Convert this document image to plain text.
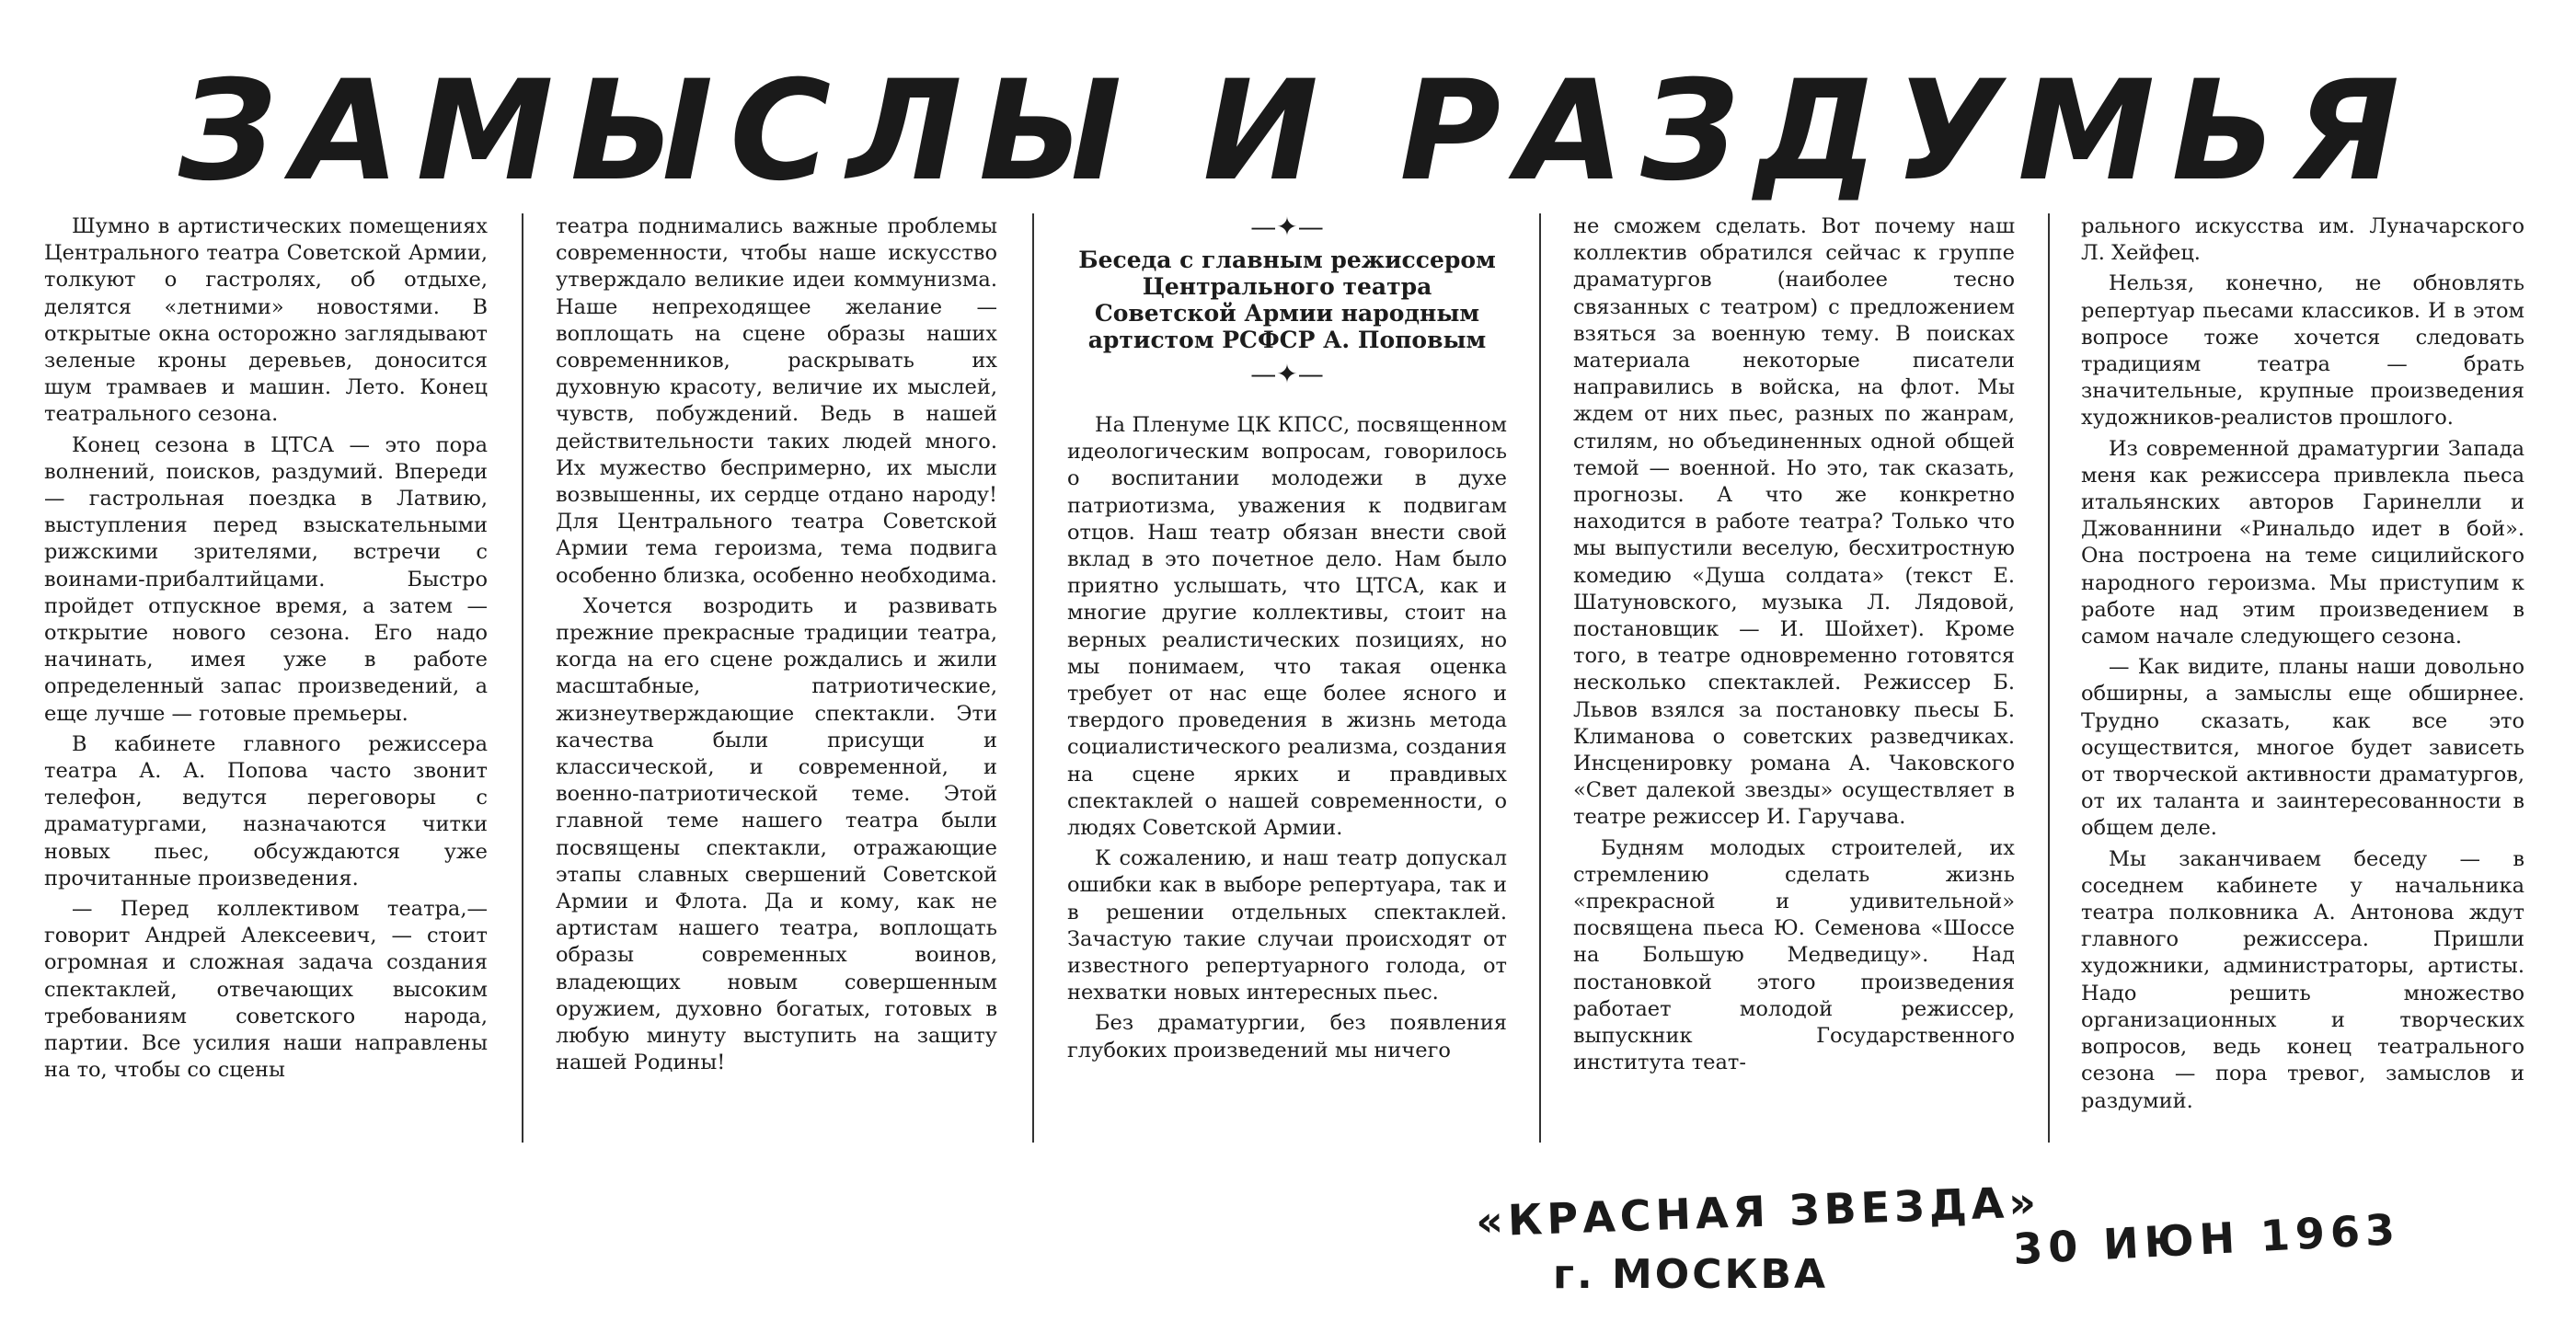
ЗАМЫСЛЫ И РАЗДУМЬЯ

Шумно в артистических помещениях Центрального театра Советской Армии, толкуют о гастролях, об отдыхе, делятся «летними» новостями. В открытые окна осторожно заглядывают зеленые кроны деревьев, доносится шум трамваев и машин. Лето. Конец театрального сезона.

Конец сезона в ЦТСА — это пора волнений, поисков, раздумий. Впереди — гастрольная поездка в Латвию, выступления перед взыскательными рижскими зрителями, встречи с воинами-прибалтийцами. Быстро пройдет отпускное время, а затем — открытие нового сезона. Его надо начинать, имея уже в работе определенный запас произведений, а еще лучше — готовые премьеры.

В кабинете главного режиссера театра А. А. Попова часто звонит телефон, ведутся переговоры с драматургами, назначаются читки новых пьес, обсуждаются уже прочитанные произведения.

— Перед коллективом театра,— говорит Андрей Алексеевич, — стоит огромная и сложная задача создания спектаклей, отвечающих высоким требованиям советского народа, партии. Все усилия наши направлены на то, чтобы со сцены

театра поднимались важные проблемы современности, чтобы наше искусство утверждало великие идеи коммунизма. Наше непреходящее желание — воплощать на сцене образы наших современников, раскрывать их духовную красоту, величие их мыслей, чувств, побуждений. Ведь в нашей действительности таких людей много. Их мужество беспримерно, их мысли возвышенны, их сердце отдано народу! Для Центрального театра Советской Армии тема героизма, тема подвига особенно близка, особенно необходима.

Хочется возродить и развивать прежние прекрасные традиции театра, когда на его сцене рождались и жили масштабные, патриотические, жизнеутверждающие спектакли. Эти качества были присущи и классической, и современной, и военно-патриотической теме. Этой главной теме нашего театра были посвящены спектакли, отражающие этапы славных свершений Советской Армии и Флота. Да и кому, как не артистам нашего театра, воплощать образы современных воинов, владеющих новым совершенным оружием, духовно богатых, готовых в любую минуту выступить на защиту нашей Родины!

—✦—
Беседа с главным режиссером Центрального театра Советской Армии народным артистом РСФСР А. Поповым
—✦—

На Пленуме ЦК КПСС, посвященном идеологическим вопросам, говорилось о воспитании молодежи в духе патриотизма, уважения к подвигам отцов. Наш театр обязан внести свой вклад в это почетное дело. Нам было приятно услышать, что ЦТСА, как и многие другие коллективы, стоит на верных реалистических позициях, но мы понимаем, что такая оценка требует от нас еще более ясного и твердого проведения в жизнь метода социалистического реализма, создания на сцене ярких и правдивых спектаклей о нашей современности, о людях Советской Армии.

К сожалению, и наш театр допускал ошибки как в выборе репертуара, так и в решении отдельных спектаклей. Зачастую такие случаи происходят от известного репертуарного голода, от нехватки новых интересных пьес.

Без драматургии, без появления глубоких произведений мы ничего

не сможем сделать. Вот почему наш коллектив обратился сейчас к группе драматургов (наиболее тесно связанных с театром) с предложением взяться за военную тему. В поисках материала некоторые писатели направились в войска, на флот. Мы ждем от них пьес, разных по жанрам, стилям, но объединенных одной общей темой — военной. Но это, так сказать, прогнозы. А что же конкретно находится в работе театра? Только что мы выпустили веселую, бесхитростную комедию «Душа солдата» (текст Е. Шатуновского, музыка Л. Лядовой, постановщик — И. Шойхет). Кроме того, в театре одновременно готовятся несколько спектаклей. Режиссер Б. Львов взялся за постановку пьесы Б. Климанова о советских разведчиках. Инсценировку романа А. Чаковского «Свет далекой звезды» осуществляет в театре режиссер И. Гаручава.

Будням молодых строителей, их стремлению сделать жизнь «прекрасной и удивительной» посвящена пьеса Ю. Семенова «Шоссе на Большую Медведицу». Над постановкой этого произведения работает молодой режиссер, выпускник Государственного института теат-

рального искусства им. Луначарского Л. Хейфец.

Нельзя, конечно, не обновлять репертуар пьесами классиков. И в этом вопросе тоже хочется следовать традициям театра — брать значительные, крупные произведения художников-реалистов прошлого.

Из современной драматургии Запада меня как режиссера привлекла пьеса итальянских авторов Гаринелли и Джованнини «Ринальдо идет в бой». Она построена на теме сицилийского народного героизма. Мы приступим к работе над этим произведением в самом начале следующего сезона.

— Как видите, планы наши довольно обширны, а замыслы еще обширнее. Трудно сказать, как все это осуществится, многое будет зависеть от творческой активности драматургов, от их таланта и заинтересованности в общем деле.

Мы заканчиваем беседу — в соседнем кабинете у начальника театра полковника А. Антонова ждут главного режиссера. Пришли художники, администраторы, артисты. Надо решить множество организационных и творческих вопросов, ведь конец театрального сезона — пора тревог, замыслов и раздумий.

«КРАСНАЯ ЗВЕЗДА»
г. МОСКВА
30 ИЮН 1963
